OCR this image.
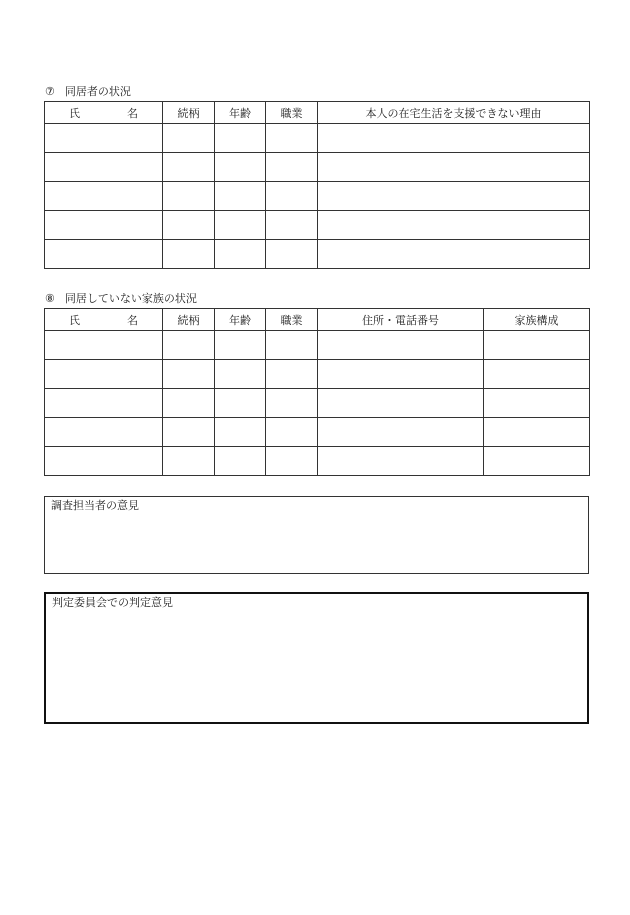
⑦ 同居者の状況
氏 名	続柄	年齢	職業	本人の在宅生活を支援できない理由

⑧ 同居していない家族の状況
氏 名	続柄	年齢	職業	住所・電話番号	家族構成

調査担当者の意見
判定委員会での判定意見
